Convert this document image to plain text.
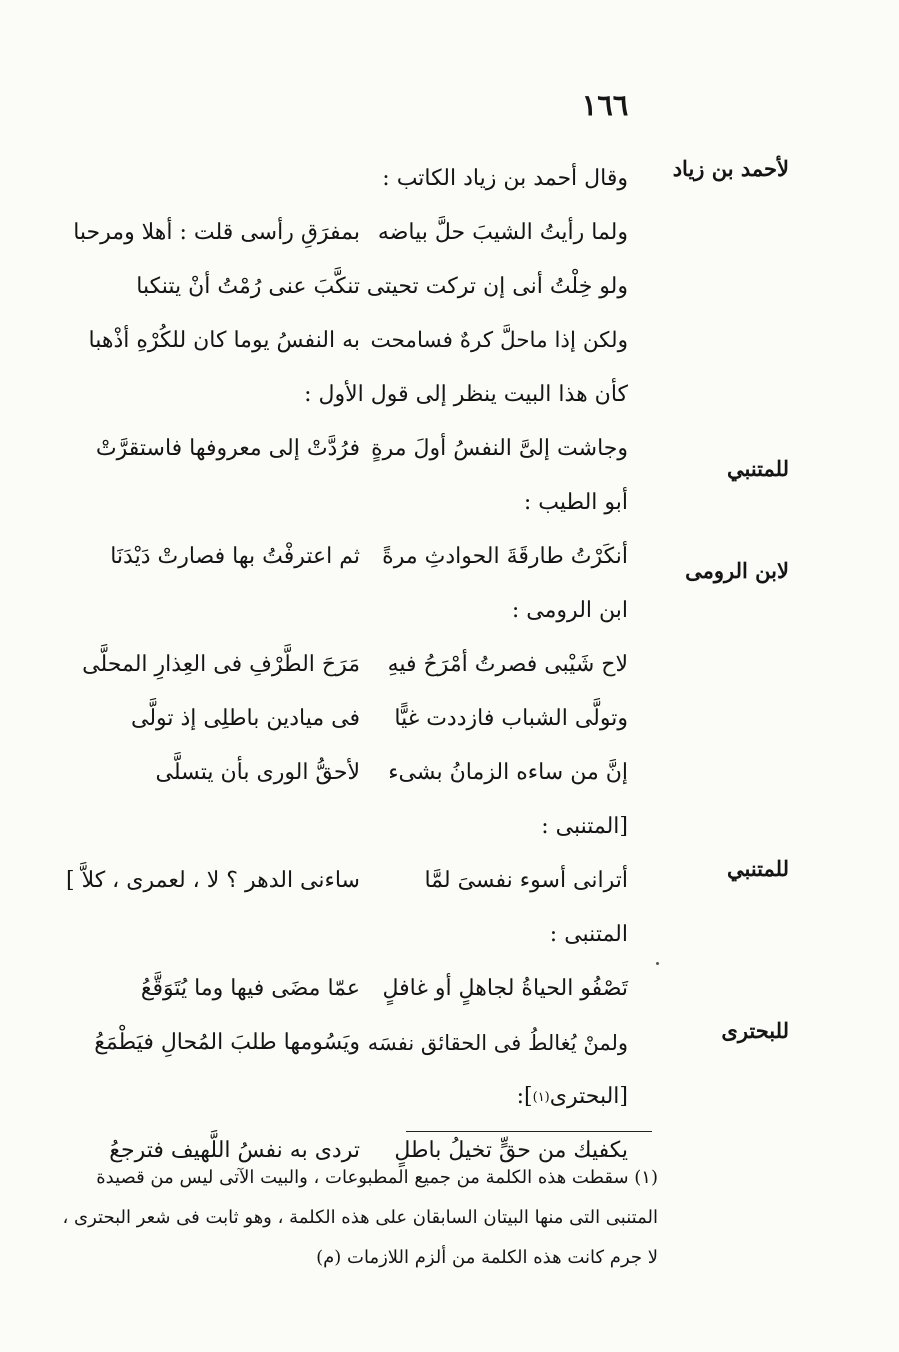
١٦٦
لأحمد بن زياد
للمتنبي
لابن الرومى
للمتنبي
للبحترى
وقال أحمد بن زياد الكاتب :
ولما رأيتُ الشيبَ حلَّ بياضه
بمفرَقِ رأسى قلت : أهلا ومرحبا
ولو خِلْتُ أنى إن تركت تحيتى
تنكَّبَ عنى رُمْتُ أنْ يتنكبا
ولكن إذا ماحلَّ كرهٌ فسامحت
به النفسُ يوما كان للكُرْهِ أذْهبا
كأن هذا البيت ينظر إلى قول الأول :
وجاشت إلىَّ النفسُ أولَ مرةٍ
فرُدَّتْ إلى معروفها فاستقرَّتْ
أبو الطيب :
أنكَرْتُ طارقَةَ الحوادثِ مرةً
ثم اعترفْتُ بها فصارتْ دَيْدَنَا
ابن الرومى :
لاح شَيْبى فصرتُ أمْرَحُ فيهِ
مَرَحَ الطَّرْفِ فى العِذارِ المحلَّى
وتولَّى الشباب فازددت غيًّا
فى ميادين باطلِى إذ تولَّى
إنَّ من ساءه الزمانُ بشىء
لأحقُّ الورى بأن يتسلَّى
[المتنبى :
أترانى أسوء نفسىَ لمَّا
ساءنى الدهر ؟ لا ، لعمرى ، كلاَّ ]
المتنبى :
تَصْفُو الحياةُ لجاهلٍ أو غافلٍ
عمّا مضَى فيها وما يُتَوَقَّعُ
ولمنْ يُغالطُ فى الحقائق نفسَه
ويَسُومها طلبَ المُحالِ فيَطْمَعُ
[البحترى
(١)
]:
يكفيك من حقٍّ تخيلُ باطلٍ
تردى به نفسُ اللَّهيف فترجعُ
(١) سقطت هذه الكلمة من جميع المطبوعات ، والبيت الآتى ليس من قصيدة
المتنبى التى منها البيتان السابقان على هذه الكلمة ، وهو ثابت فى شعر البحترى ،
لا جرم كانت هذه الكلمة من ألزم اللازمات (م)
